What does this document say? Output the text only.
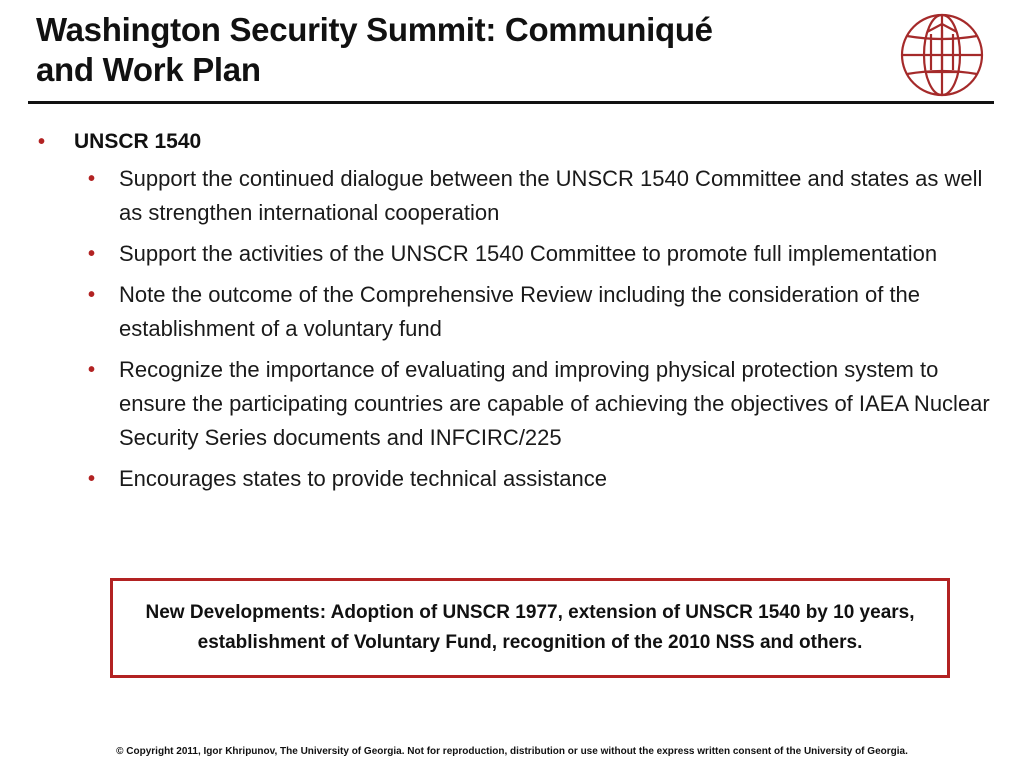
Washington Security Summit: Communiqué
and Work Plan
• UNSCR 1540
• Support the continued dialogue between the UNSCR 1540 Committee and states as well as strengthen international cooperation
• Support the activities of the UNSCR 1540 Committee to promote full implementation
• Note the outcome of the Comprehensive Review including the consideration of the establishment of a voluntary fund
• Recognize the importance of evaluating and improving physical protection system to ensure the participating countries are capable of achieving the objectives of IAEA Nuclear Security Series documents and INFCIRC/225
• Encourages states to provide technical assistance
New Developments: Adoption of UNSCR 1977, extension of UNSCR 1540 by 10 years, establishment of Voluntary Fund, recognition of the 2010 NSS and others.
© Copyright 2011, Igor Khripunov, The University of Georgia. Not for reproduction, distribution or use without the express written consent of the University of Georgia.
